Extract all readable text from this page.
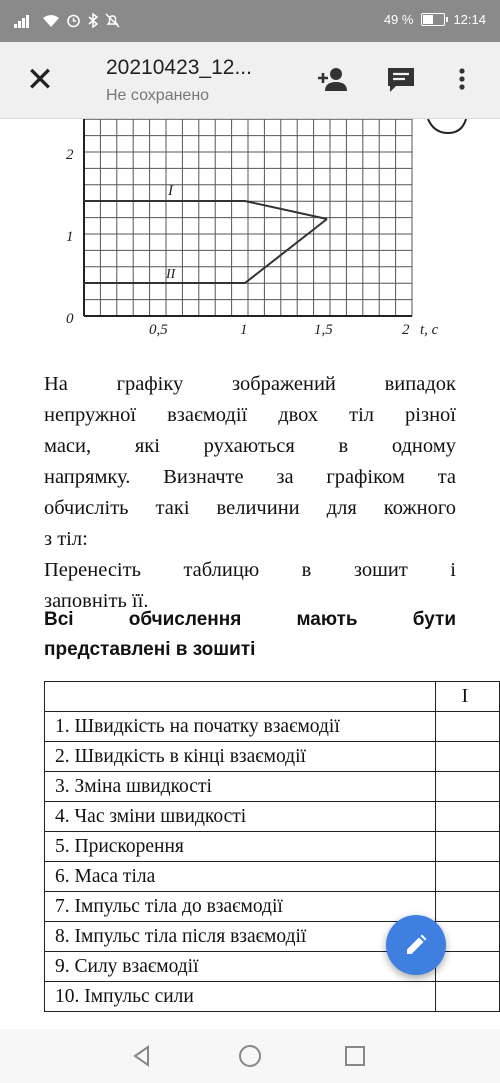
49 %	12:14
✕ 20210423_12...
Не сохранено
0
1
2
0,5	1	1,5	2 t, c
I
II

На графіку зображений випадок

непружної взаємодії двох тіл різної

маси, які рухаються в одному

напрямку. Визначте за графіком та

обчисліть такі величини для кожного

з тіл:

Перенесіть таблицю в зошит і

заповніть її.

Всі обчислення мають бути
представлені в зошиті
	I
1. Швидкість на початку взаємодії	
2. Швидкість в кінці взаємодії	
3. Зміна швидкості	
4. Час зміни швидкості	
5. Прискорення	
6. Маса тіла	
7. Імпульс тіла до взаємодії	
8. Імпульс тіла після взаємодії	
9. Силу взаємодії	
10. Імпульс сили	
